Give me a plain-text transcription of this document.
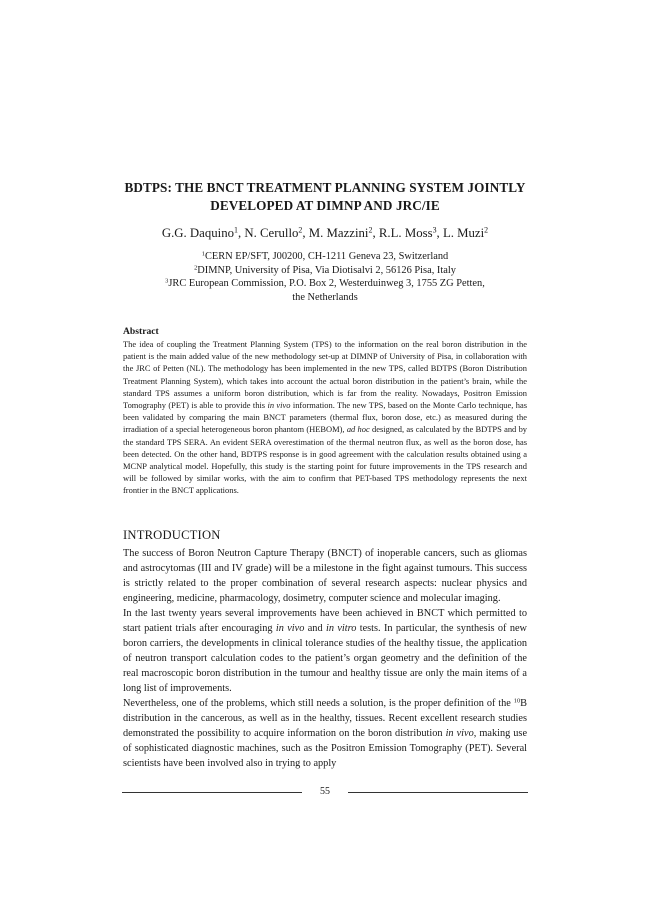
BDTPS: THE BNCT TREATMENT PLANNING SYSTEM JOINTLY
DEVELOPED AT DIMNP AND JRC/IE
G.G. Daquino$^1$, N. Cerullo$^2$, M. Mazzini$^2$, R.L. Moss$^3$, L. Muzi$^2$
$^1$CERN EP/SFT, J00200, CH-1211 Geneva 23, Switzerland
$^2$DIMNP, University of Pisa, Via Diotisalvi 2, 56126 Pisa, Italy
$^3$JRC European Commission, P.O. Box 2, Westerduinweg 3, 1755 ZG Petten,
the Netherlands
Abstract

The idea of coupling the Treatment Planning System (TPS) to the information on the real boron distribution in the patient is the main added value of the new methodology set-up at DIMNP of University of Pisa, in collaboration with the JRC of Petten (NL). The methodology has been implemented in the new TPS, called BDTPS (Boron Distribution Treatment Planning System), which takes into account the actual boron distribution in the patient’s brain, while the standard TPS assumes a uniform boron distribution, which is far from the reality. Nowadays, Positron Emission Tomography (PET) is able to provide this in vivo information. The new TPS, based on the Monte Carlo technique, has been validated by comparing the main BNCT parameters (thermal flux, boron dose, etc.) as measured during the irradiation of a special heterogeneous boron phantom (HEBOM), ad hoc designed, as calculated by the BDTPS and by the standard TPS SERA. An evident SERA overestimation of the thermal neutron flux, as well as the boron dose, has been detected. On the other hand, BDTPS response is in good agreement with the calculation results obtained using a MCNP analytical model. Hopefully, this study is the starting point for future improvements in the TPS research and will be followed by similar works, with the aim to confirm that PET-based TPS methodology represents the next frontier in the BNCT applications.

INTRODUCTION

The success of Boron Neutron Capture Therapy (BNCT) of inoperable cancers, such as gliomas and astrocytomas (III and IV grade) will be a milestone in the fight against tumours. This success is strictly related to the proper combination of several research aspects: nuclear physics and engineering, medicine, pharmacology, dosimetry, computer science and molecular imaging.

In the last twenty years several improvements have been achieved in BNCT which permitted to start patient trials after encouraging in vivo and in vitro tests. In particular, the synthesis of new boron carriers, the developments in clinical tolerance studies of the healthy tissue, the application of neutron transport calculation codes to the patient’s organ geometry and the definition of the real macroscopic boron distribution in the tumour and healthy tissue are only the main items of a long list of improvements.

Nevertheless, one of the problems, which still needs a solution, is the proper definition of the $^{10}$B distribution in the cancerous, as well as in the healthy, tissues. Recent excellent research studies demonstrated the possibility to acquire information on the boron distribution in vivo, making use of sophisticated diagnostic machines, such as the Positron Emission Tomography (PET). Several scientists have been involved also in trying to apply

55
